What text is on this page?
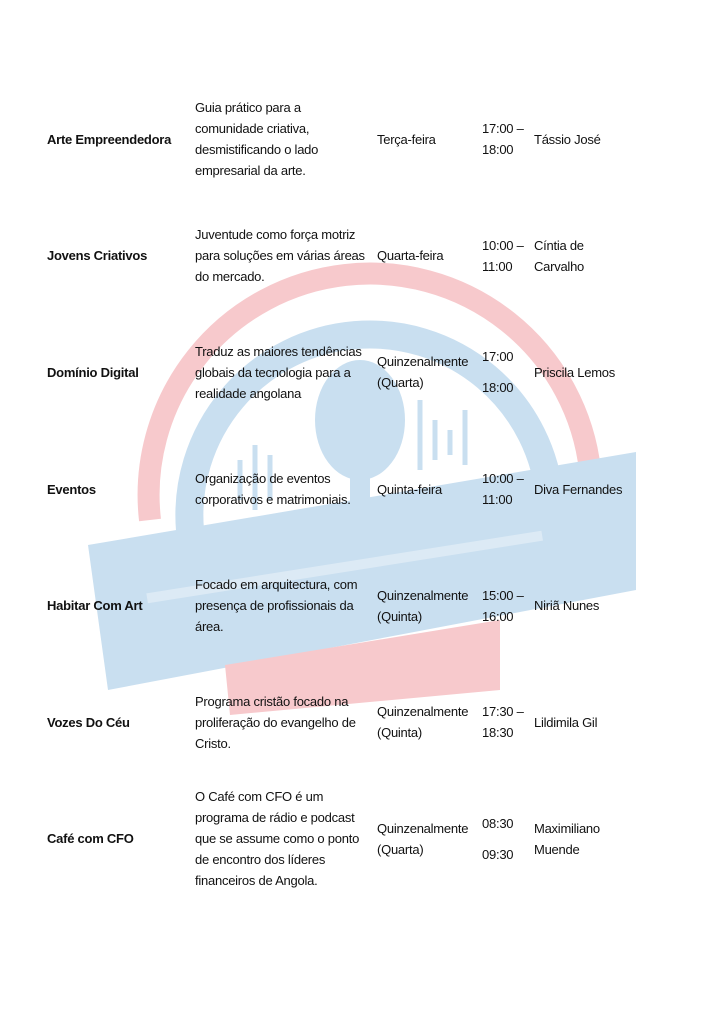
Arte Empreendedora
Guia prático para a
comunidade criativa,
desmistificando o lado
empresarial da arte.
Terça-feira
17:00 –
18:00
Tássio José
Jovens Criativos
Juventude como força motriz
para soluções em várias áreas
do mercado.
Quarta-feira
10:00 –
11:00
Cíntia de
Carvalho
Domínio Digital
Traduz as maiores tendências
globais da tecnologia para a
realidade angolana
Quinzenalmente
(Quarta)
17:00
18:00
Priscila Lemos
Eventos
Organização de eventos
corporativos e matrimoniais.
Quinta-feira
10:00 –
11:00
Diva Fernandes
Habitar Com Art
Focado em arquitectura, com
presença de profissionais da
área.
Quinzenalmente
(Quinta)
15:00 –
16:00
Niriã Nunes
Vozes Do Céu
Programa cristão focado na
proliferação do evangelho de
Cristo.
Quinzenalmente
(Quinta)
17:30 –
18:30
Lildimila Gil
Café com CFO
O Café com CFO é um
programa de rádio e podcast
que se assume como o ponto
de encontro dos líderes
financeiros de Angola.
Quinzenalmente
(Quarta)
08:30
09:30
Maximiliano
Muende
